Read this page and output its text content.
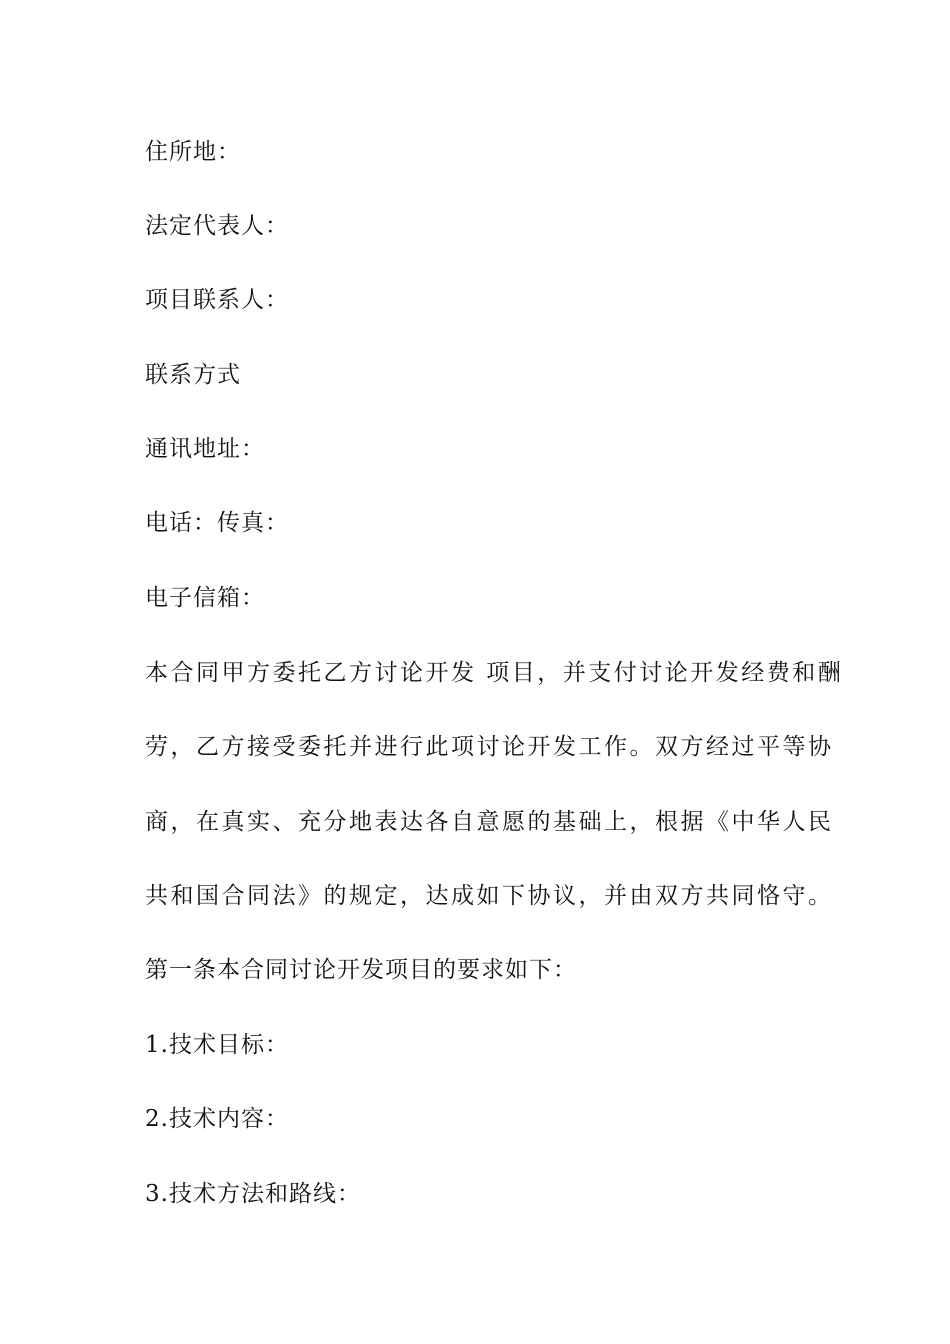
住所地：
法定代表人：
项目联系人：
联系方式
通讯地址：
电话：传真：
电子信箱：
本合同甲方委托乙方讨论开发 项目，并支付讨论开发经费和酬
劳，乙方接受委托并进行此项讨论开发工作。双方经过平等协
商，在真实、充分地表达各自意愿的基础上，根据《中华人民
共和国合同法》的规定，达成如下协议，并由双方共同恪守。
第一条本合同讨论开发项目的要求如下：
1.技术目标：
2.技术内容：
3.技术方法和路线：
